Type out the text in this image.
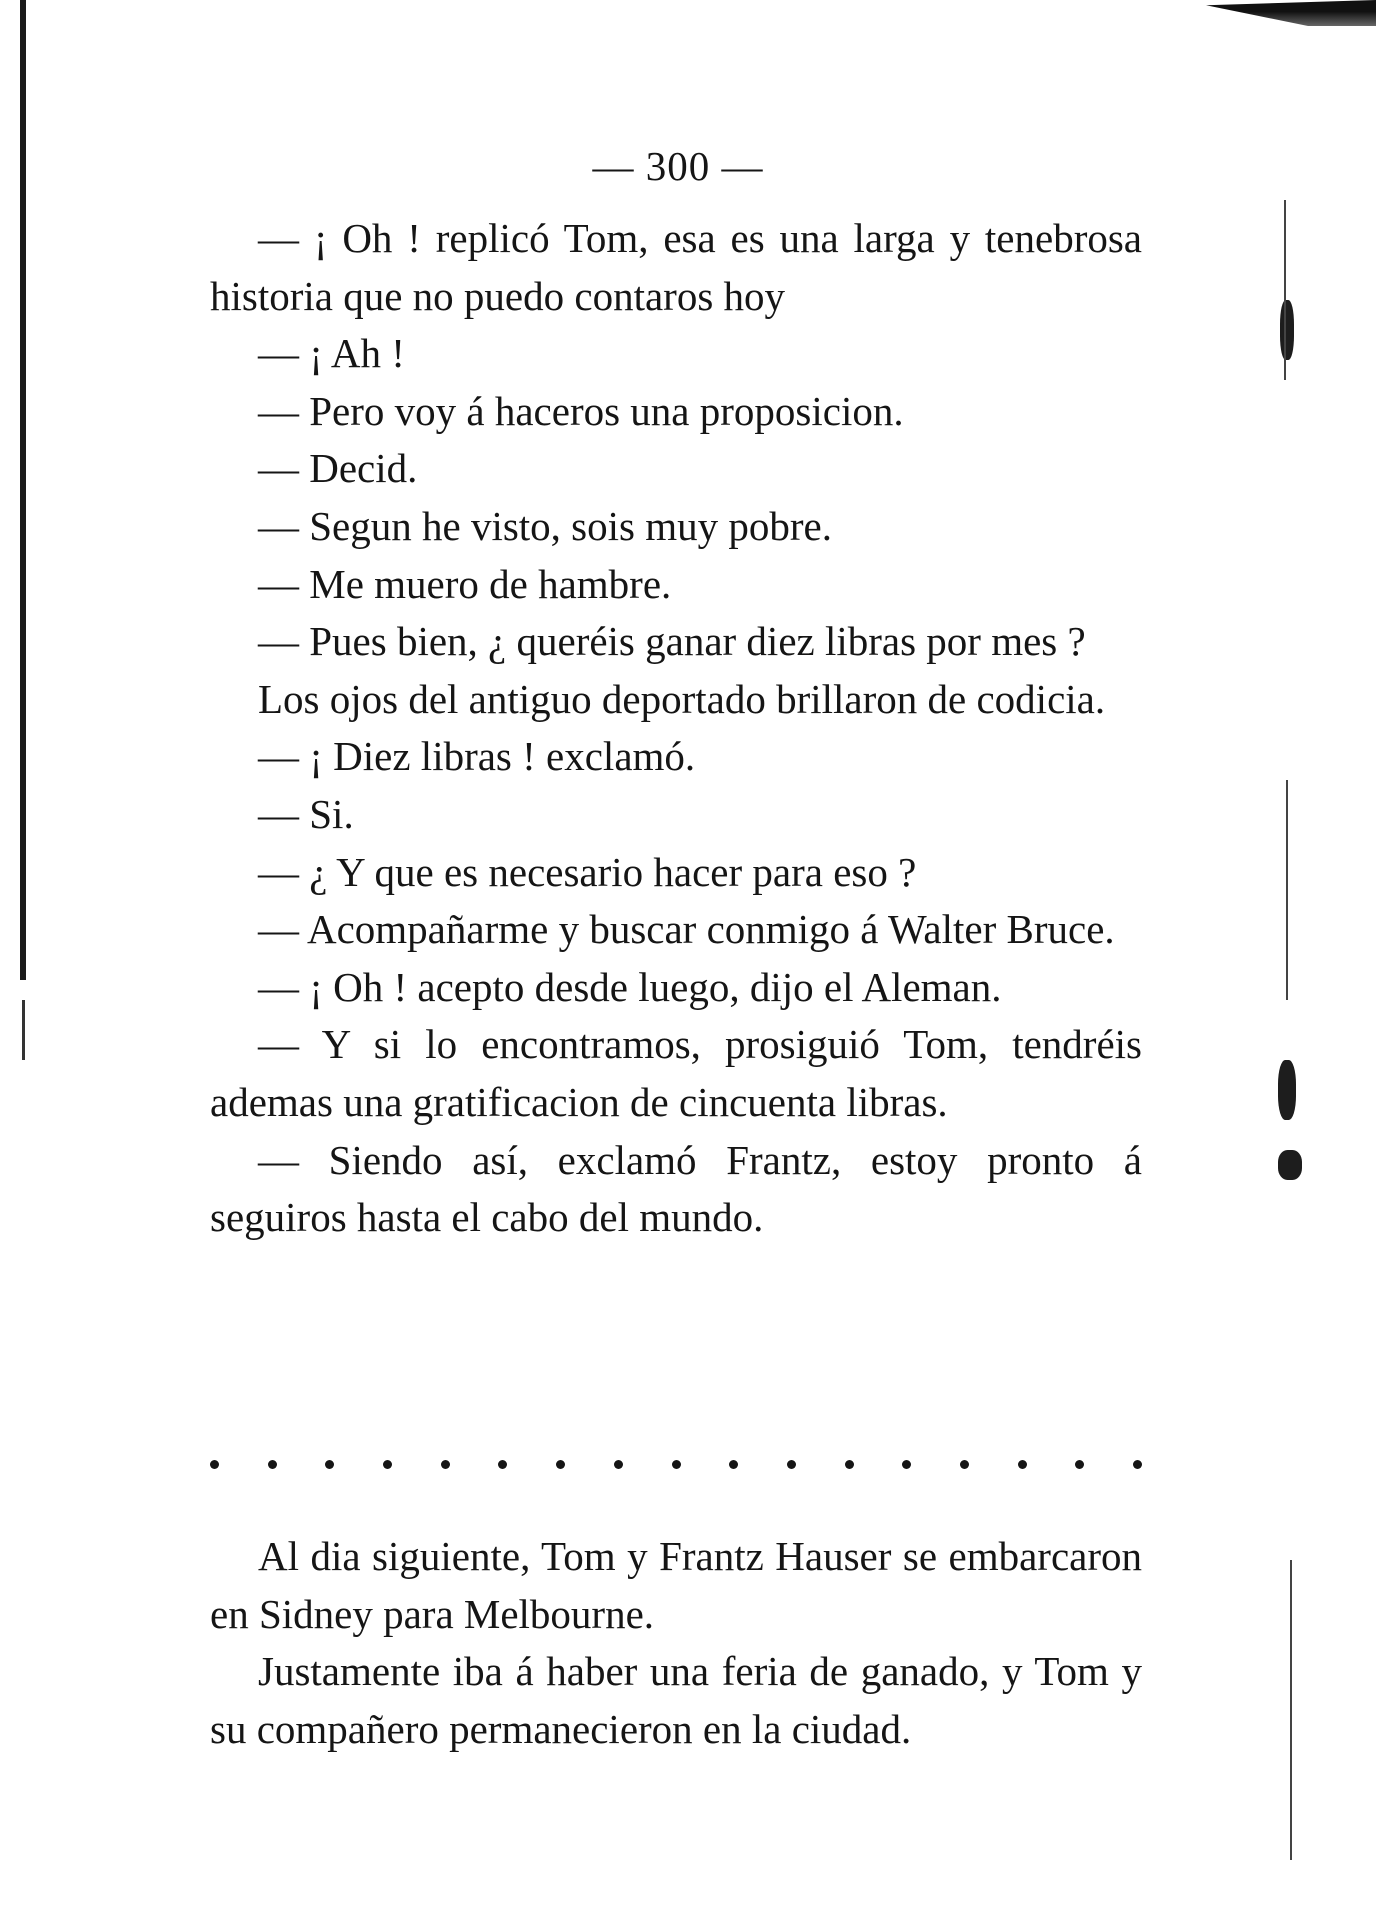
— 300 —

— ¡ Oh ! replicó Tom, esa es una larga y tenebrosa historia que no puedo contaros hoy

— ¡ Ah !

— Pero voy á haceros una proposicion.

— Decid.

— Segun he visto, sois muy pobre.

— Me muero de hambre.

— Pues bien, ¿ queréis ganar diez libras por mes ?

Los ojos del antiguo deportado brillaron de codicia.

— ¡ Diez libras ! exclamó.

— Si.

— ¿ Y que es necesario hacer para eso ?

— Acompañarme y buscar conmigo á Walter Bruce.

— ¡ Oh ! acepto desde luego, dijo el Aleman.

— Y si lo encontramos, prosiguió Tom, tendréis ademas una gratificacion de cincuenta libras.

— Siendo así, exclamó Frantz, estoy pronto á seguiros hasta el cabo del mundo.

Al dia siguiente, Tom y Frantz Hauser se embarcaron en Sidney para Melbourne.

Justamente iba á haber una feria de ganado, y Tom y su compañero permanecieron en la ciudad.
